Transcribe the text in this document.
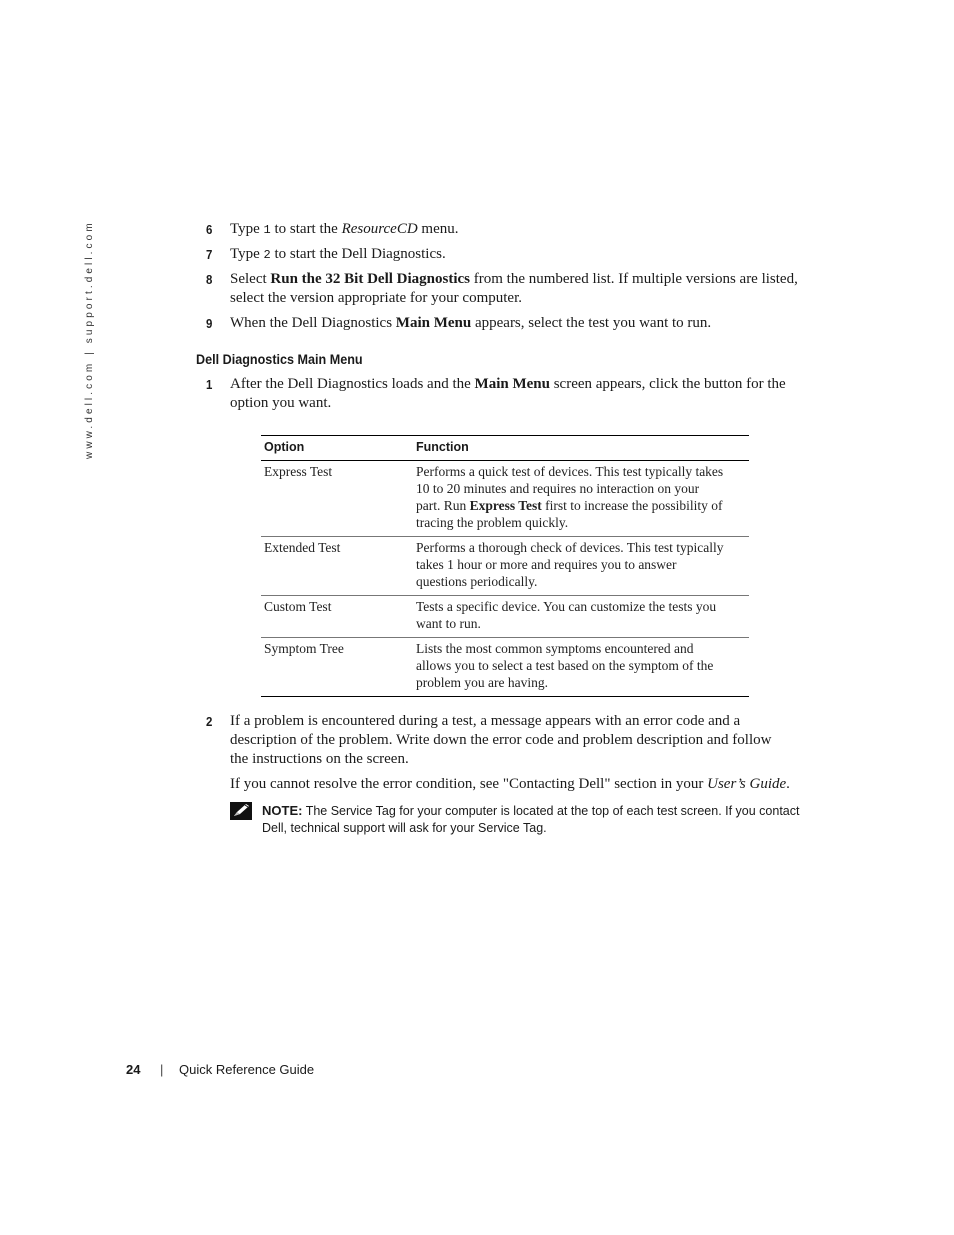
www.dell.com | support.dell.com	6	Type 1 to start the ResourceCD menu.
7	Type 2 to start the Dell Diagnostics.
8	Select Run the 32 Bit Dell Diagnostics from the numbered list. If multiple versions are listed,
select the version appropriate for your computer.
9	When the Dell Diagnostics Main Menu appears, select the test you want to run.
Dell Diagnostics Main Menu
1	After the Dell Diagnostics loads and the Main Menu screen appears, click the button for the
option you want.
Option	Function
Express Test	Performs a quick test of devices. This test typically takes
10 to 20 minutes and requires no interaction on your
part. Run Express Test first to increase the possibility of
tracing the problem quickly.
Extended Test	Performs a thorough check of devices. This test typically
takes 1 hour or more and requires you to answer
questions periodically.
Custom Test	Tests a specific device. You can customize the tests you
want to run.
Symptom Tree	Lists the most common symptoms encountered and
allows you to select a test based on the symptom of the
problem you are having.
2	If a problem is encountered during a test, a message appears with an error code and a
description of the problem. Write down the error code and problem description and follow
the instructions on the screen.
If you cannot resolve the error condition, see "Contacting Dell" section in your User’s Guide.
NOTE: The Service Tag for your computer is located at the top of each test screen. If you contact
Dell, technical support will ask for your Service Tag.
24 | Quick Reference Guide
